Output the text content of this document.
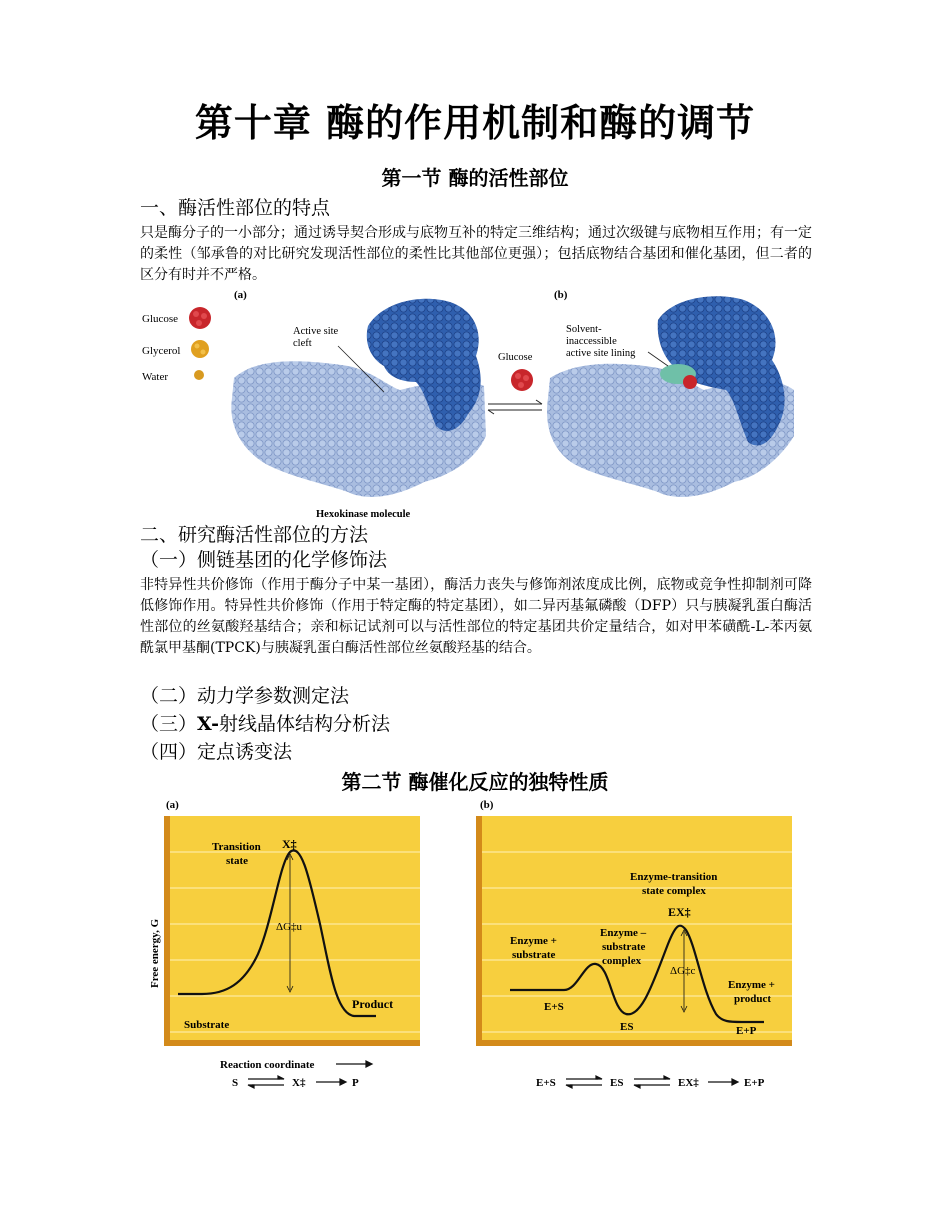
第十章 酶的作用机制和酶的调节
第一节 酶的活性部位
一、酶活性部位的特点
只是酶分子的一小部分；通过诱导契合形成与底物互补的特定三维结构；通过次级键与底物相互作用；有一定的柔性（邹承鲁的对比研究发现活性部位的柔性比其他部位更强）；包括底物结合基团和催化基团，但二者的区分有时并不严格。
Glucose
Glycerol
Water
(a)
Active site
cleft
Glucose
(b)
Solvent-
inaccessible
active site lining
Hexokinase molecule
二、研究酶活性部位的方法
（一）侧链基团的化学修饰法
非特异性共价修饰（作用于酶分子中某一基团），酶活力丧失与修饰剂浓度成比例，底物或竞争性抑制剂可降低修饰作用。特异性共价修饰（作用于特定酶的特定基团），如二异丙基氟磷酸（DFP）只与胰凝乳蛋白酶活性部位的丝氨酸羟基结合；亲和标记试剂可以与活性部位的特定基团共价定量结合，如对甲苯磺酰-L-苯丙氨酰氯甲基酮(TPCK)与胰凝乳蛋白酶活性部位丝氨酸羟基的结合。
（二）动力学参数测定法
（三）X-射线晶体结构分析法
（四）定点诱变法
第二节 酶催化反应的独特性质
(a)
Transition
state
X‡
ΔG‡u
Product
Substrate
Free energy, G
Reaction coordinate
S	X‡	P
(b)
Enzyme-transition
state complex
EX‡
Enzyme +
substrate
Enzyme –
substrate
complex
ΔG‡c
Enzyme +
product
E+S
ES	E+P
E+S	ES	EX‡	E+P
